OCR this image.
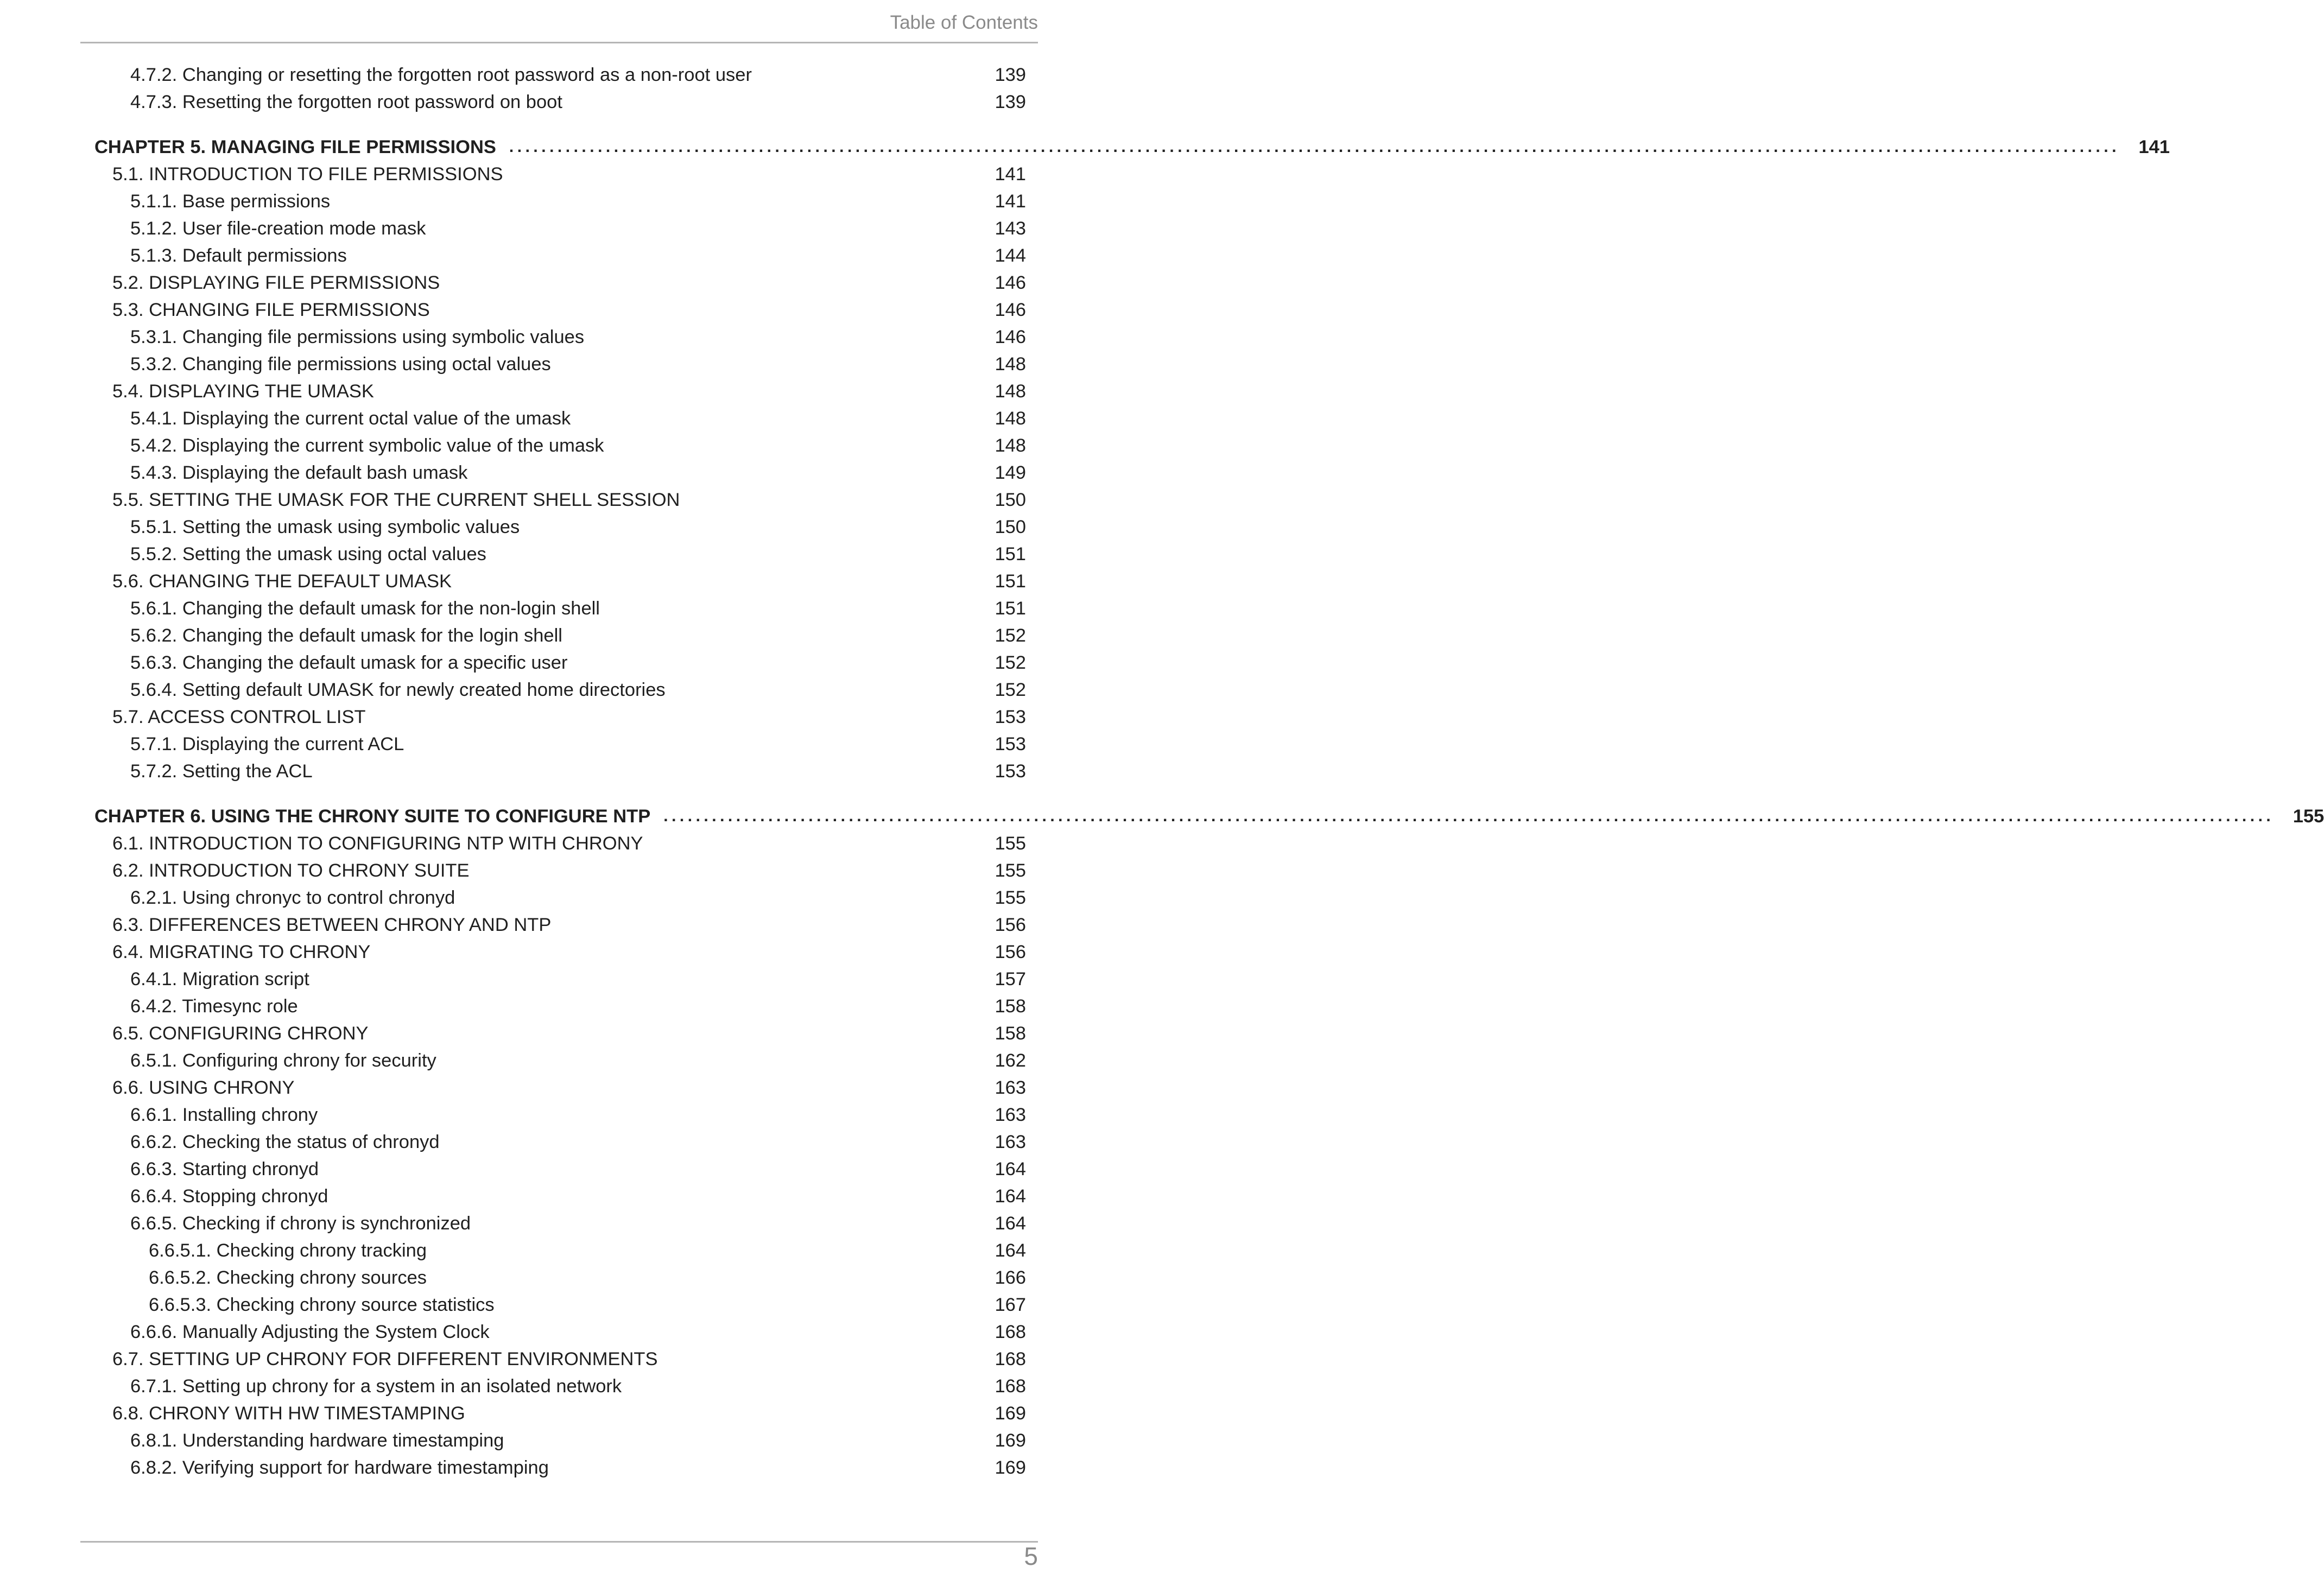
Table of Contents
4.7.2. Changing or resetting the forgotten root password as a non-root user	139
4.7.3. Resetting the forgotten root password on boot	139
CHAPTER 5. MANAGING FILE PERMISSIONS ........................................................................................................................................................................................................ 141
5.1. INTRODUCTION TO FILE PERMISSIONS	141
5.1.1. Base permissions	141
5.1.2. User file-creation mode mask	143
5.1.3. Default permissions	144
5.2. DISPLAYING FILE PERMISSIONS	146
5.3. CHANGING FILE PERMISSIONS	146
5.3.1. Changing file permissions using symbolic values	146
5.3.2. Changing file permissions using octal values	148
5.4. DISPLAYING THE UMASK	148
5.4.1. Displaying the current octal value of the umask	148
5.4.2. Displaying the current symbolic value of the umask	148
5.4.3. Displaying the default bash umask	149
5.5. SETTING THE UMASK FOR THE CURRENT SHELL SESSION	150
5.5.1. Setting the umask using symbolic values	150
5.5.2. Setting the umask using octal values	151
5.6. CHANGING THE DEFAULT UMASK	151
5.6.1. Changing the default umask for the non-login shell	151
5.6.2. Changing the default umask for the login shell	152
5.6.3. Changing the default umask for a specific user	152
5.6.4. Setting default UMASK for newly created home directories	152
5.7. ACCESS CONTROL LIST	153
5.7.1. Displaying the current ACL	153
5.7.2. Setting the ACL	153
CHAPTER 6. USING THE CHRONY SUITE TO CONFIGURE NTP ........................................................................................................................................................................................................ 155
6.1. INTRODUCTION TO CONFIGURING NTP WITH CHRONY	155
6.2. INTRODUCTION TO CHRONY SUITE	155
6.2.1. Using chronyc to control chronyd	155
6.3. DIFFERENCES BETWEEN CHRONY AND NTP	156
6.4. MIGRATING TO CHRONY	156
6.4.1. Migration script	157
6.4.2. Timesync role	158
6.5. CONFIGURING CHRONY	158
6.5.1. Configuring chrony for security	162
6.6. USING CHRONY	163
6.6.1. Installing chrony	163
6.6.2. Checking the status of chronyd	163
6.6.3. Starting chronyd	164
6.6.4. Stopping chronyd	164
6.6.5. Checking if chrony is synchronized	164
6.6.5.1. Checking chrony tracking	164
6.6.5.2. Checking chrony sources	166
6.6.5.3. Checking chrony source statistics	167
6.6.6. Manually Adjusting the System Clock	168
6.7. SETTING UP CHRONY FOR DIFFERENT ENVIRONMENTS	168
6.7.1. Setting up chrony for a system in an isolated network	168
6.8. CHRONY WITH HW TIMESTAMPING	169
6.8.1. Understanding hardware timestamping	169
6.8.2. Verifying support for hardware timestamping	169
5
